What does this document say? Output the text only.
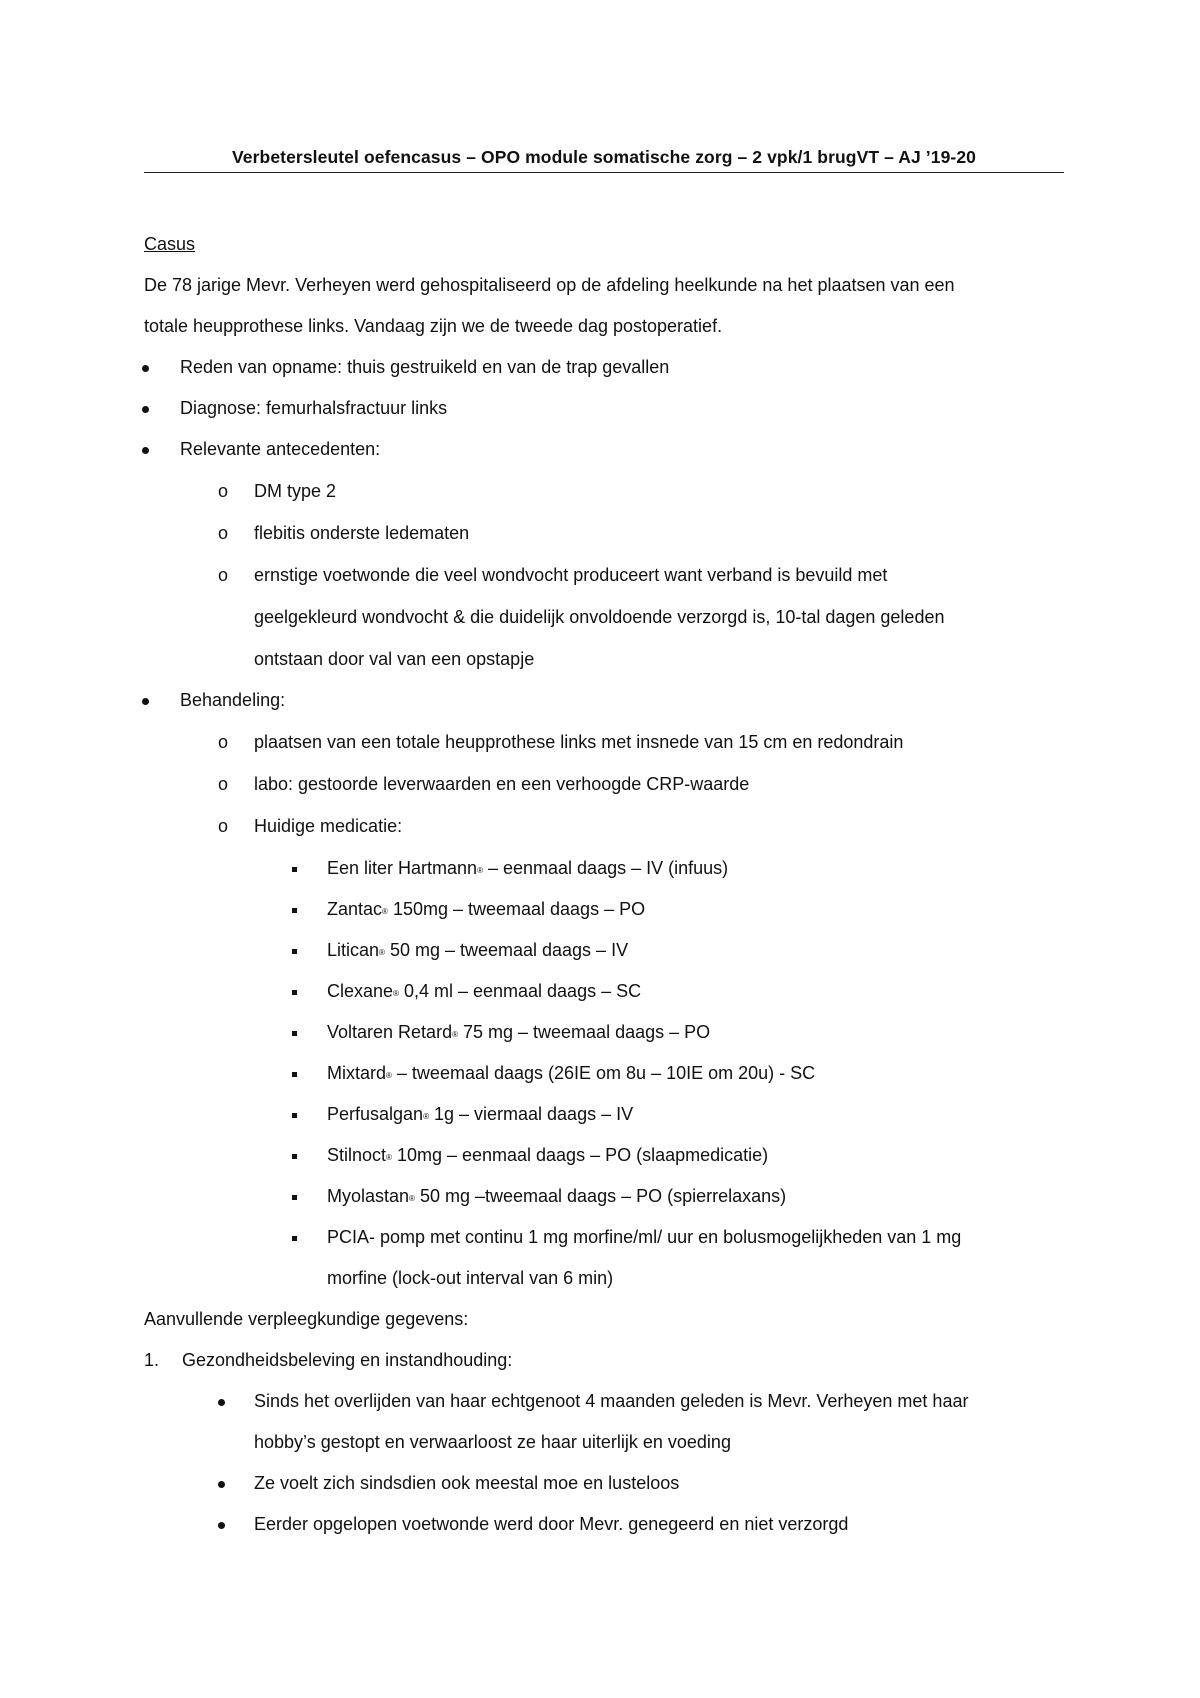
Verbetersleutel oefencasus – OPO module somatische zorg – 2 vpk/1 brugVT – AJ ’19-20
Casus
De 78 jarige Mevr. Verheyen werd gehospitaliseerd op de afdeling heelkunde na het plaatsen van een
totale heupprothese links. Vandaag zijn we de tweede dag postoperatief.
Reden van opname: thuis gestruikeld en van de trap gevallen
Diagnose: femurhalsfractuur links
Relevante antecedenten:
o DM type 2
o flebitis onderste ledematen
o ernstige voetwonde die veel wondvocht produceert want verband is bevuild met
geelgekleurd wondvocht & die duidelijk onvoldoende verzorgd is, 10-tal dagen geleden
ontstaan door val van een opstapje
Behandeling:
o plaatsen van een totale heupprothese links met insnede van 15 cm en redondrain
o labo: gestoorde leverwaarden en een verhoogde CRP-waarde
o Huidige medicatie:
Een liter Hartmann® – eenmaal daags – IV (infuus)
Zantac® 150mg – tweemaal daags – PO
Litican® 50 mg – tweemaal daags – IV
Clexane® 0,4 ml – eenmaal daags – SC
Voltaren Retard® 75 mg – tweemaal daags – PO
Mixtard® – tweemaal daags (26IE om 8u – 10IE om 20u) - SC
Perfusalgan® 1g – viermaal daags – IV
Stilnoct® 10mg – eenmaal daags – PO (slaapmedicatie)
Myolastan® 50 mg –tweemaal daags – PO (spierrelaxans)
PCIA- pomp met continu 1 mg morfine/ml/ uur en bolusmogelijkheden van 1 mg
morfine (lock-out interval van 6 min)
Aanvullende verpleegkundige gegevens:
1. Gezondheidsbeleving en instandhouding:
Sinds het overlijden van haar echtgenoot 4 maanden geleden is Mevr. Verheyen met haar
hobby’s gestopt en verwaarloost ze haar uiterlijk en voeding
Ze voelt zich sindsdien ook meestal moe en lusteloos
Eerder opgelopen voetwonde werd door Mevr. genegeerd en niet verzorgd
